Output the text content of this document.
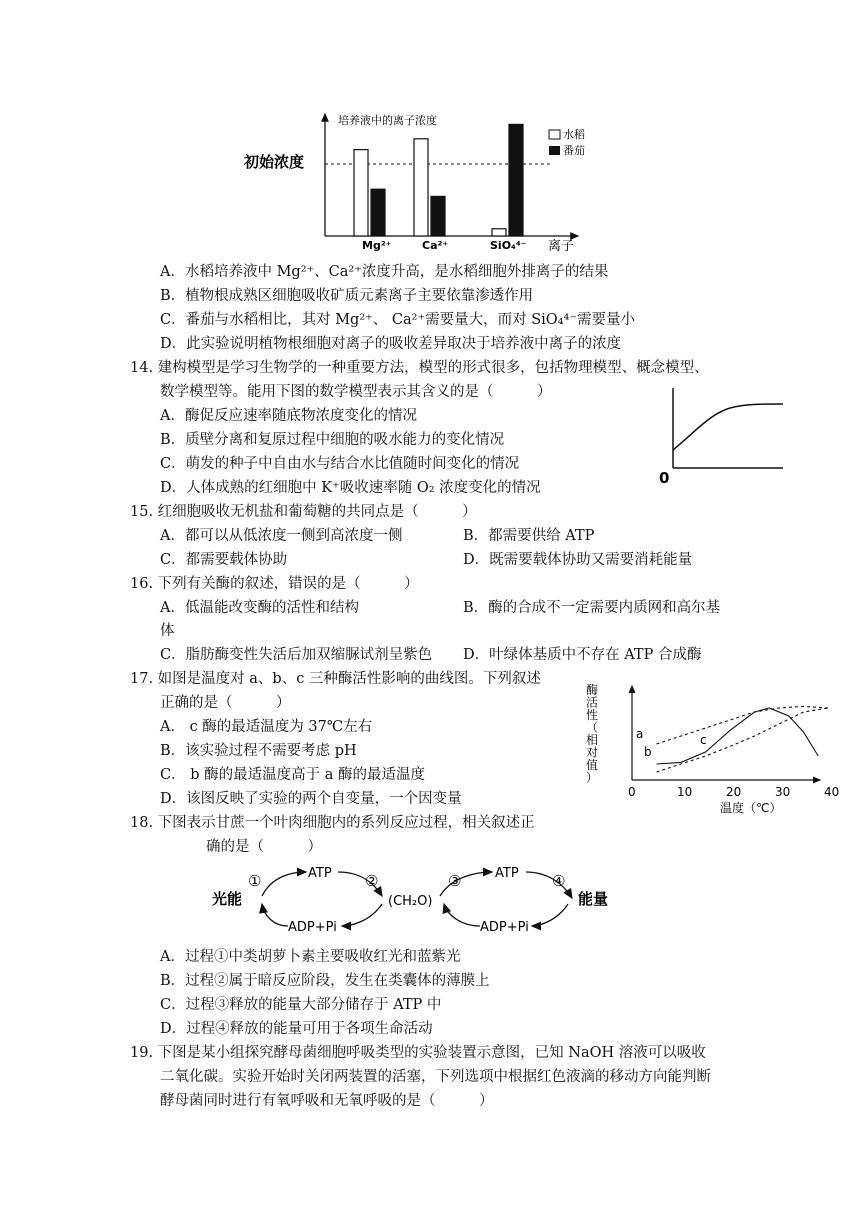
培养液中的离子浓度
初始浓度
水稻
番茄
Mg²⁺	Ca²⁺	SiO₄⁴⁻ 离子
A．水稻培养液中 Mg²⁺、Ca²⁺浓度升高，是水稻细胞外排离子的结果
B．植物根成熟区细胞吸收矿质元素离子主要依靠渗透作用
C．番茄与水稻相比，其对 Mg²⁺、 Ca²⁺需要量大，而对 SiO₄⁴⁻需要量小
D．此实验说明植物根细胞对离子的吸收差异取决于培养液中离子的浓度
14. 建构模型是学习生物学的一种重要方法，模型的形式很多，包括物理模型、概念模型、
数学模型等。能用下图的数学模型表示其含义的是（　　　）
A．酶促反应速率随底物浓度变化的情况
B．质壁分离和复原过程中细胞的吸水能力的变化情况
C．萌发的种子中自由水与结合水比值随时间变化的情况
D．人体成熟的红细胞中 K⁺吸收速率随 O₂ 浓度变化的情况
0
15. 红细胞吸收无机盐和葡萄糖的共同点是（　　　）
A．都可以从低浓度一侧到高浓度一侧	B．都需要供给 ATP
C．都需要载体协助	D．既需要载体协助又需要消耗能量
16. 下列有关酶的叙述，错误的是（　　　）
A．低温能改变酶的活性和结构	B．酶的合成不一定需要内质网和高尔基
体
C．脂肪酶变性失活后加双缩脲试剂呈紫色 D．叶绿体基质中不存在 ATP 合成酶
17. 如图是温度对 a、b、c 三种酶活性影响的曲线图。下列叙述
正确的是（　　　）
A． c 酶的最适温度为 37℃左右
B．该实验过程不需要考虑 pH
C． b 酶的最适温度高于 a 酶的最适温度
D．该图反映了实验的两个自变量，一个因变量
酶
活
性
（
相
对
值
）
0	10	20	30	40
a
b
c
温度（℃）
18. 下图表示甘蔗一个叶肉细胞内的系列反应过程，相关叙述正
确的是（　　　）
光能
①	ATP ②
ADP+Pi
(CH₂O)
③	ATP ④
能量
ADP+Pi
A．过程①中类胡萝卜素主要吸收红光和蓝紫光
B．过程②属于暗反应阶段，发生在类囊体的薄膜上
C．过程③释放的能量大部分储存于 ATP 中
D．过程④释放的能量可用于各项生命活动
19. 下图是某小组探究酵母菌细胞呼吸类型的实验装置示意图，已知 NaOH 溶液可以吸收
二氧化碳。实验开始时关闭两装置的活塞，下列选项中根据红色液滴的移动方向能判断
酵母菌同时进行有氧呼吸和无氧呼吸的是（　　　）
